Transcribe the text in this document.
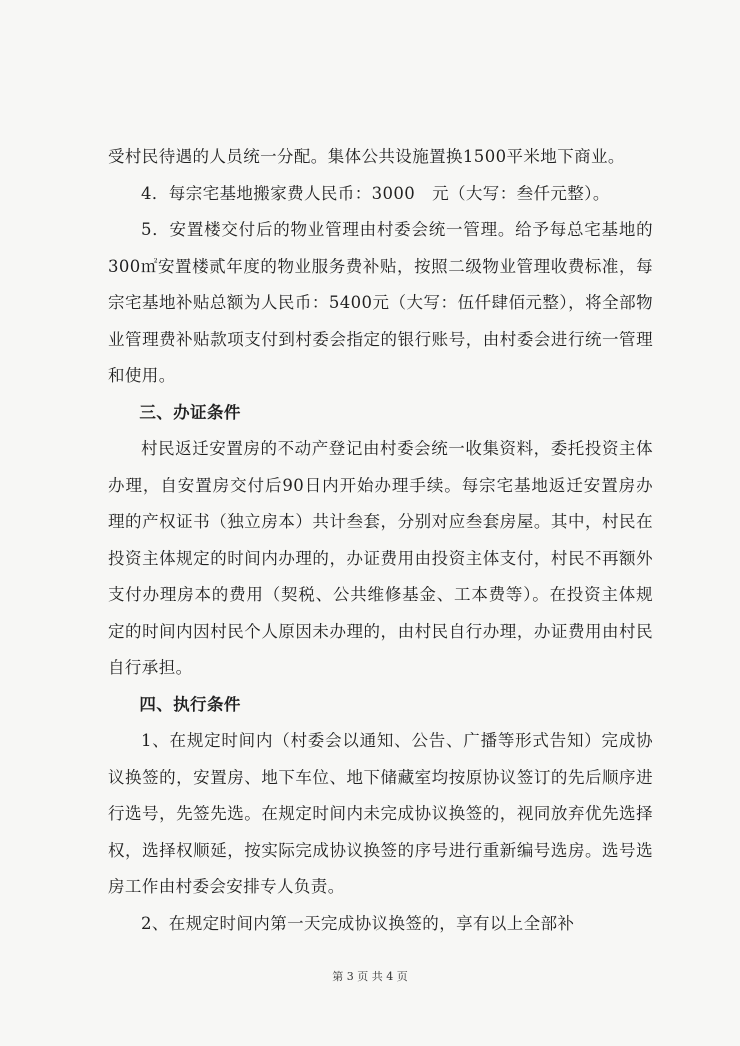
受村民待遇的人员统一分配。集体公共设施置换1500平米地下商业。

4．每宗宅基地搬家费人民币：3000　元（大写：叁仟元整）。

5．安置楼交付后的物业管理由村委会统一管理。给予每总宅基地的300㎡安置楼贰年度的物业服务费补贴，按照二级物业管理收费标准，每宗宅基地补贴总额为人民币：5400元（大写：伍仟肆佰元整），将全部物业管理费补贴款项支付到村委会指定的银行账号，由村委会进行统一管理和使用。

三、办证条件

村民返迁安置房的不动产登记由村委会统一收集资料，委托投资主体办理，自安置房交付后90日内开始办理手续。每宗宅基地返迁安置房办理的产权证书（独立房本）共计叁套，分别对应叁套房屋。其中，村民在投资主体规定的时间内办理的，办证费用由投资主体支付，村民不再额外支付办理房本的费用（契税、公共维修基金、工本费等）。在投资主体规定的时间内因村民个人原因未办理的，由村民自行办理，办证费用由村民自行承担。

四、执行条件

1、在规定时间内（村委会以通知、公告、广播等形式告知）完成协议换签的，安置房、地下车位、地下储藏室均按原协议签订的先后顺序进行选号，先签先选。在规定时间内未完成协议换签的，视同放弃优先选择权，选择权顺延，按实际完成协议换签的序号进行重新编号选房。选号选房工作由村委会安排专人负责。

2、在规定时间内第一天完成协议换签的，享有以上全部补

第 3 页 共 4 页
